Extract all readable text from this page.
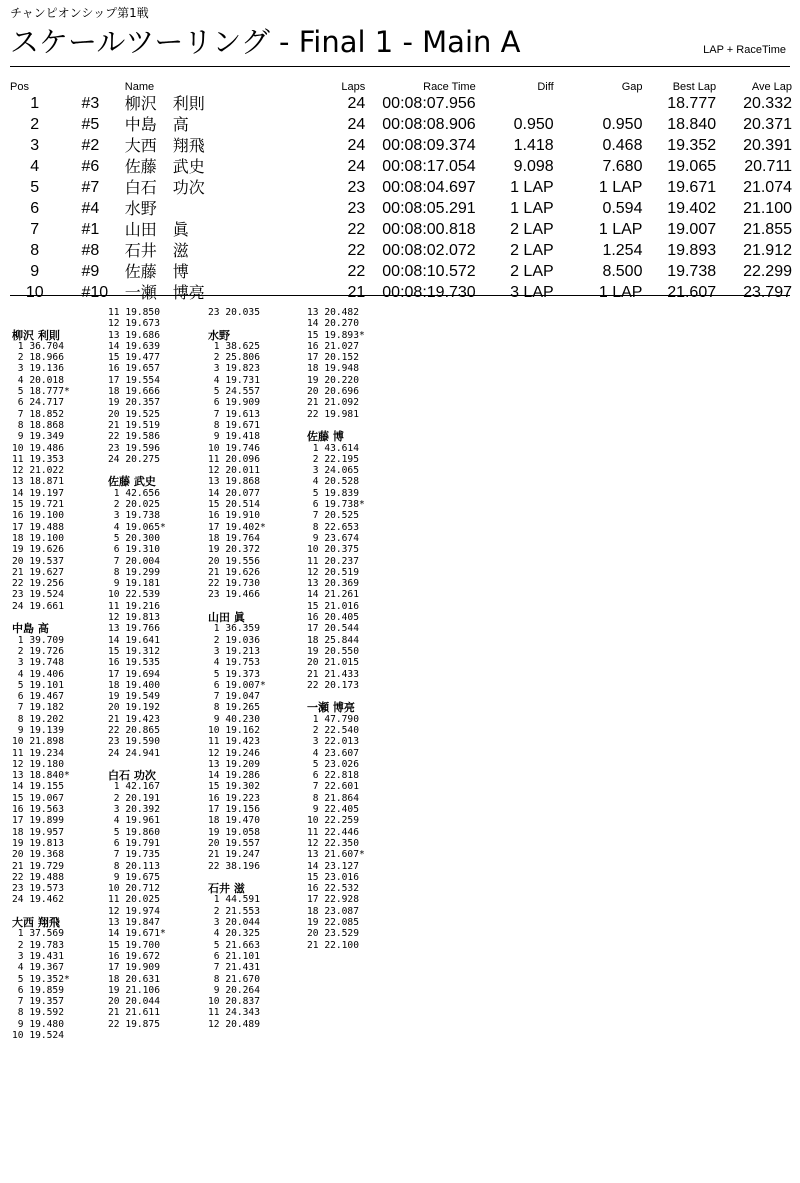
チャンピオンシップ第1戦
スケールツーリング - Final 1 - Main A	LAP + RaceTime
Pos		Name	Laps	Race Time	Diff	Gap	Best Lap	Ave Lap
1	#3	柳沢　利則	24	00:08:07.956			18.777	20.332
2	#5	中島　高	24	00:08:08.906	0.950	0.950	18.840	20.371
3	#2	大西　翔飛	24	00:08:09.374	1.418	0.468	19.352	20.391
4	#6	佐藤　武史	24	00:08:17.054	9.098	7.680	19.065	20.711
5	#7	白石　功次	23	00:08:04.697	1 LAP	1 LAP	19.671	21.074
6	#4	水野	23	00:08:05.291	1 LAP	0.594	19.402	21.100
7	#1	山田　眞	22	00:08:00.818	2 LAP	1 LAP	19.007	21.855
8	#8	石井　滋	22	00:08:02.072	2 LAP	1.254	19.893	21.912
9	#9	佐藤　博	22	00:08:10.572	2 LAP	8.500	19.738	22.299
10	#10	一瀬　博亮	21	00:08:19.730	3 LAP	1 LAP	21.607	23.797
柳沢 利則
1 36.704
2 18.966
3 19.136
4 20.018
5 18.777*
6 24.717
7 18.852
8 18.868
9 19.349
10 19.486
11 19.353
12 21.022
13 18.871
14 19.197
15 19.721
16 19.100
17 19.488
18 19.100
19 19.626
20 19.537
21 19.627
22 19.256
23 19.524
24 19.661
中島 高
1 39.709
2 19.726
3 19.748
4 19.406
5 19.101
6 19.467
7 19.182
8 19.202
9 19.139
10 21.898
11 19.234
12 19.180
13 18.840*
14 19.155
15 19.067
16 19.563
17 19.899
18 19.957
19 19.813
20 19.368
21 19.729
22 19.488
23 19.573
24 19.462
大西 翔飛
1 37.569
2 19.783
3 19.431
4 19.367
5 19.352*
6 19.859
7 19.357
8 19.592
9 19.480
10 19.524
11 19.850
12 19.673
13 19.686
14 19.639
15 19.477
16 19.657
17 19.554
18 19.666
19 20.357
20 19.525
21 19.519
22 19.586
23 19.596
24 20.275
佐藤 武史
1 42.656
2 20.025
3 19.738
4 19.065*
5 20.300
6 19.310
7 20.004
8 19.299
9 19.181
10 22.539
11 19.216
12 19.813
13 19.766
14 19.641
15 19.312
16 19.535
17 19.694
18 19.400
19 19.549
20 19.192
21 19.423
22 20.865
23 19.590
24 24.941
白石 功次
1 42.167
2 20.191
3 20.392
4 19.961
5 19.860
6 19.791
7 19.735
8 20.113
9 19.675
10 20.712
11 20.025
12 19.974
13 19.847
14 19.671*
15 19.700
16 19.672
17 19.909
18 20.631
19 21.106
20 20.044
21 21.611
22 19.875
23 20.035
水野
1 38.625
2 25.806
3 19.823
4 19.731
5 24.557
6 19.909
7 19.613
8 19.671
9 19.418
10 19.746
11 20.096
12 20.011
13 19.868
14 20.077
15 20.514
16 19.910
17 19.402*
18 19.764
19 20.372
20 19.556
21 19.626
22 19.730
23 19.466
山田 眞
1 36.359
2 19.036
3 19.213
4 19.753
5 19.373
6 19.007*
7 19.047
8 19.265
9 40.230
10 19.162
11 19.423
12 19.246
13 19.209
14 19.286
15 19.302
16 19.223
17 19.156
18 19.470
19 19.058
20 19.557
21 19.247
22 38.196
石井 滋
1 44.591
2 21.553
3 20.044
4 20.325
5 21.663
6 21.101
7 21.431
8 21.670
9 20.264
10 20.837
11 24.343
12 20.489
13 20.482
14 20.270
15 19.893*
16 21.027
17 20.152
18 19.948
19 20.220
20 20.696
21 21.092
22 19.981
佐藤 博
1 43.614
2 22.195
3 24.065
4 20.528
5 19.839
6 19.738*
7 20.525
8 22.653
9 23.674
10 20.375
11 20.237
12 20.519
13 20.369
14 21.261
15 21.016
16 20.405
17 20.544
18 25.844
19 20.550
20 21.015
21 21.433
22 20.173
一瀬 博亮
1 47.790
2 22.540
3 22.013
4 23.607
5 23.026
6 22.818
7 22.601
8 21.864
9 22.405
10 22.259
11 22.446
12 22.350
13 21.607*
14 23.127
15 23.016
16 22.532
17 22.928
18 23.087
19 22.085
20 23.529
21 22.100
